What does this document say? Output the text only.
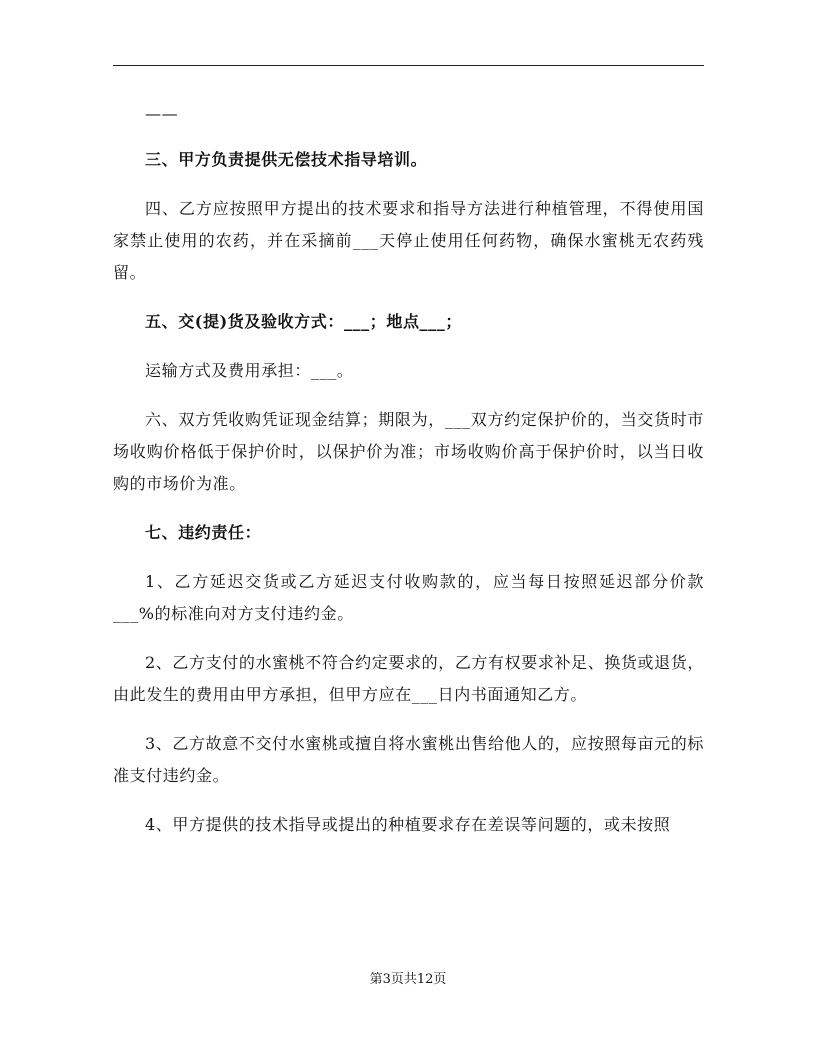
——

三、甲方负责提供无偿技术指导培训。

四、乙方应按照甲方提出的技术要求和指导方法进行种植管理，不得使用国家禁止使用的农药，并在采摘前___天停止使用任何药物，确保水蜜桃无农药残留。

五、交(提)货及验收方式：___；地点___；

运输方式及费用承担：___。

六、双方凭收购凭证现金结算；期限为，___双方约定保护价的，当交货时市场收购价格低于保护价时，以保护价为准；市场收购价高于保护价时，以当日收购的市场价为准。

七、违约责任：

1、乙方延迟交货或乙方延迟支付收购款的，应当每日按照延迟部分价款___%的标准向对方支付违约金。

2、乙方支付的水蜜桃不符合约定要求的，乙方有权要求补足、换货或退货，由此发生的费用由甲方承担，但甲方应在___日内书面通知乙方。

3、乙方故意不交付水蜜桃或擅自将水蜜桃出售给他人的，应按照每亩元的标准支付违约金。

4、甲方提供的技术指导或提出的种植要求存在差误等问题的，或未按照

第3页共12页
